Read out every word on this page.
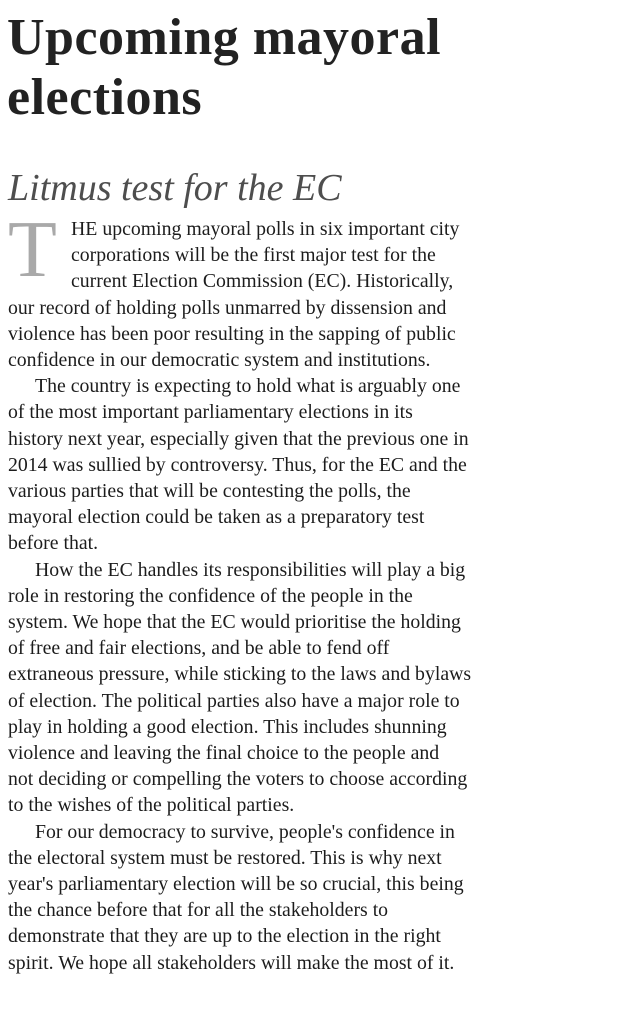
Upcoming mayoral
elections
Litmus test for the EC
T HE upcoming mayoral polls in six important city
corporations will be the first major test for the
current Election Commission (EC). Historically,
our record of holding polls unmarred by dissension and
violence has been poor resulting in the sapping of public
confidence in our democratic system and institutions.
The country is expecting to hold what is arguably one
of the most important parliamentary elections in its
history next year, especially given that the previous one in
2014 was sullied by controversy. Thus, for the EC and the
various parties that will be contesting the polls, the
mayoral election could be taken as a preparatory test
before that.
How the EC handles its responsibilities will play a big
role in restoring the confidence of the people in the
system. We hope that the EC would prioritise the holding
of free and fair elections, and be able to fend off
extraneous pressure, while sticking to the laws and bylaws
of election. The political parties also have a major role to
play in holding a good election. This includes shunning
violence and leaving the final choice to the people and
not deciding or compelling the voters to choose according
to the wishes of the political parties.
For our democracy to survive, people's confidence in
the electoral system must be restored. This is why next
year's parliamentary election will be so crucial, this being
the chance before that for all the stakeholders to
demonstrate that they are up to the election in the right
spirit. We hope all stakeholders will make the most of it.
